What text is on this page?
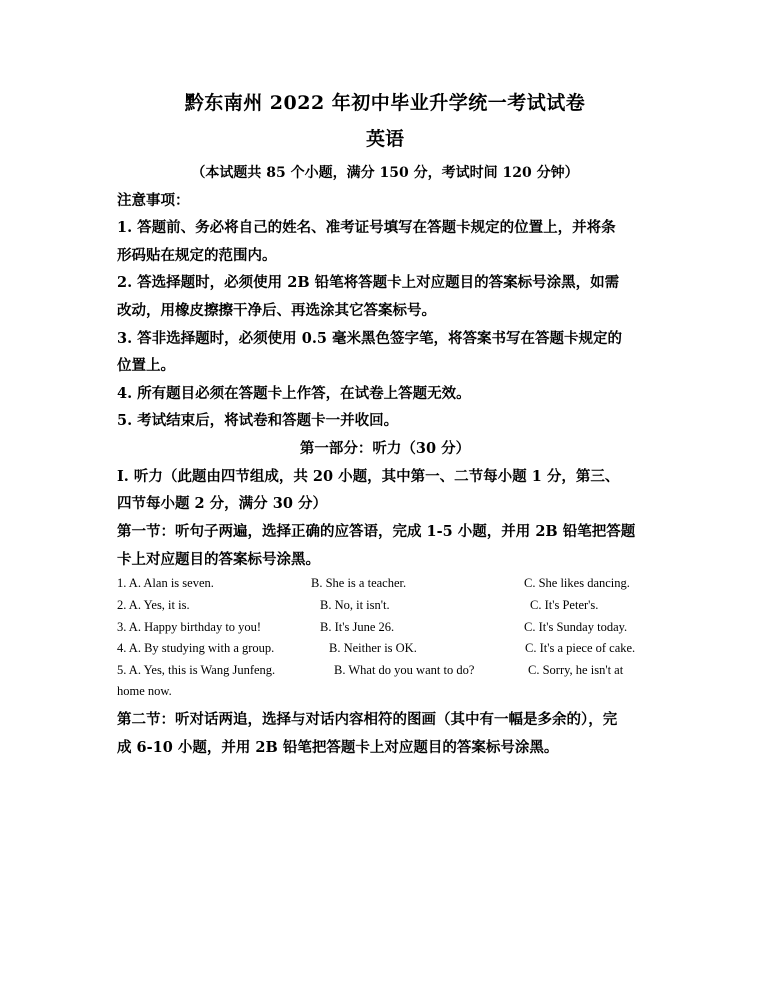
黔东南州 2022 年初中毕业升学统一考试试卷
英语
（本试题共 85 个小题，满分 150 分，考试时间 120 分钟）
注意事项：
1. 答题前、务必将自己的姓名、准考证号填写在答题卡规定的位置上，并将条
形码贴在规定的范围内。
2. 答选择题时，必须使用 2B 铅笔将答题卡上对应题目的答案标号涂黑，如需
改动，用橡皮擦擦干净后、再选涂其它答案标号。
3. 答非选择题时，必须使用 0.5 毫米黑色签字笔，将答案书写在答题卡规定的
位置上。
4. 所有题目必须在答题卡上作答，在试卷上答题无效。
5. 考试结束后，将试卷和答题卡一并收回。
第一部分：听力（30 分）
Ⅰ. 听力（此题由四节组成，共 20 小题，其中第一、二节每小题 1 分，第三、
四节每小题 2 分，满分 30 分）
第一节：听句子两遍，选择正确的应答语，完成 1-5 小题，并用 2B 铅笔把答题
卡上对应题目的答案标号涂黑。
1. A. Alan is seven.	B. She is a teacher.	C. She likes dancing.
2. A. Yes, it is.	B. No, it isn't.	C. It's Peter's.
3. A. Happy birthday to you!	B. It's June 26.	C. It's Sunday today.
4. A. By studying with a group.	B. Neither is OK.	C. It's a piece of cake.
5. A. Yes, this is Wang Junfeng.	B. What do you want to do?	C. Sorry, he isn't at
home now.
第二节：听对话两追，选择与对话内容相符的图画（其中有一幅是多余的），完
成 6-10 小题，并用 2B 铅笔把答题卡上对应题目的答案标号涂黑。
